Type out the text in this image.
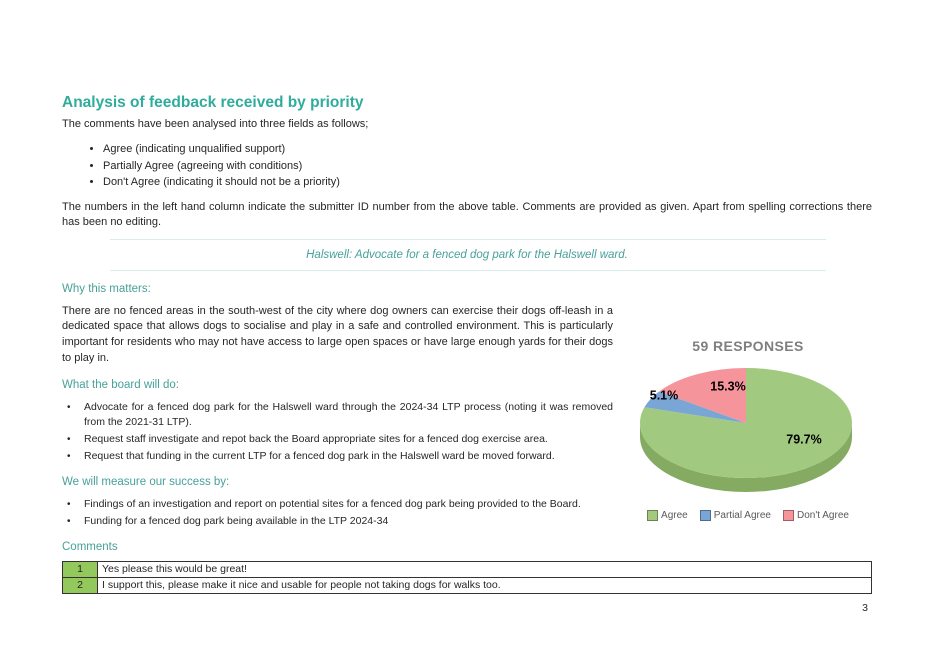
Analysis of feedback received by priority

The comments have been analysed into three fields as follows;

• Agree (indicating unqualified support)
• Partially Agree (agreeing with conditions)
• Don't Agree (indicating it should not be a priority)

The numbers in the left hand column indicate the submitter ID number from the above table. Comments are provided as given. Apart from spelling corrections there has been no editing.

Halswell: Advocate for a fenced dog park for the Halswell ward.
Why this matters:

There are no fenced areas in the south-west of the city where dog owners can exercise their dogs off-leash in a dedicated space that allows dogs to socialise and play in a safe and controlled environment. This is particularly important for residents who may not have access to large open spaces or have large enough yards for their dogs to play in.

What the board will do:
• Advocate for a fenced dog park for the Halswell ward through the 2024-34 LTP process (noting it was removed from the 2021-31 LTP).
• Request staff investigate and repot back the Board appropriate sites for a fenced dog exercise area.
• Request that funding in the current LTP for a fenced dog park in the Halswell ward be moved forward.
We will measure our success by:
• Findings of an investigation and report on potential sites for a fenced dog park being provided to the Board.
• Funding for a fenced dog park being available in the LTP 2024-34
Comments
1	Yes please this would be great!
2	I support this, please make it nice and usable for people not taking dogs for walks too.
3
59 RESPONSES
79.7%
5.1%
15.3%
Agree	Partial Agree	Don't Agree
